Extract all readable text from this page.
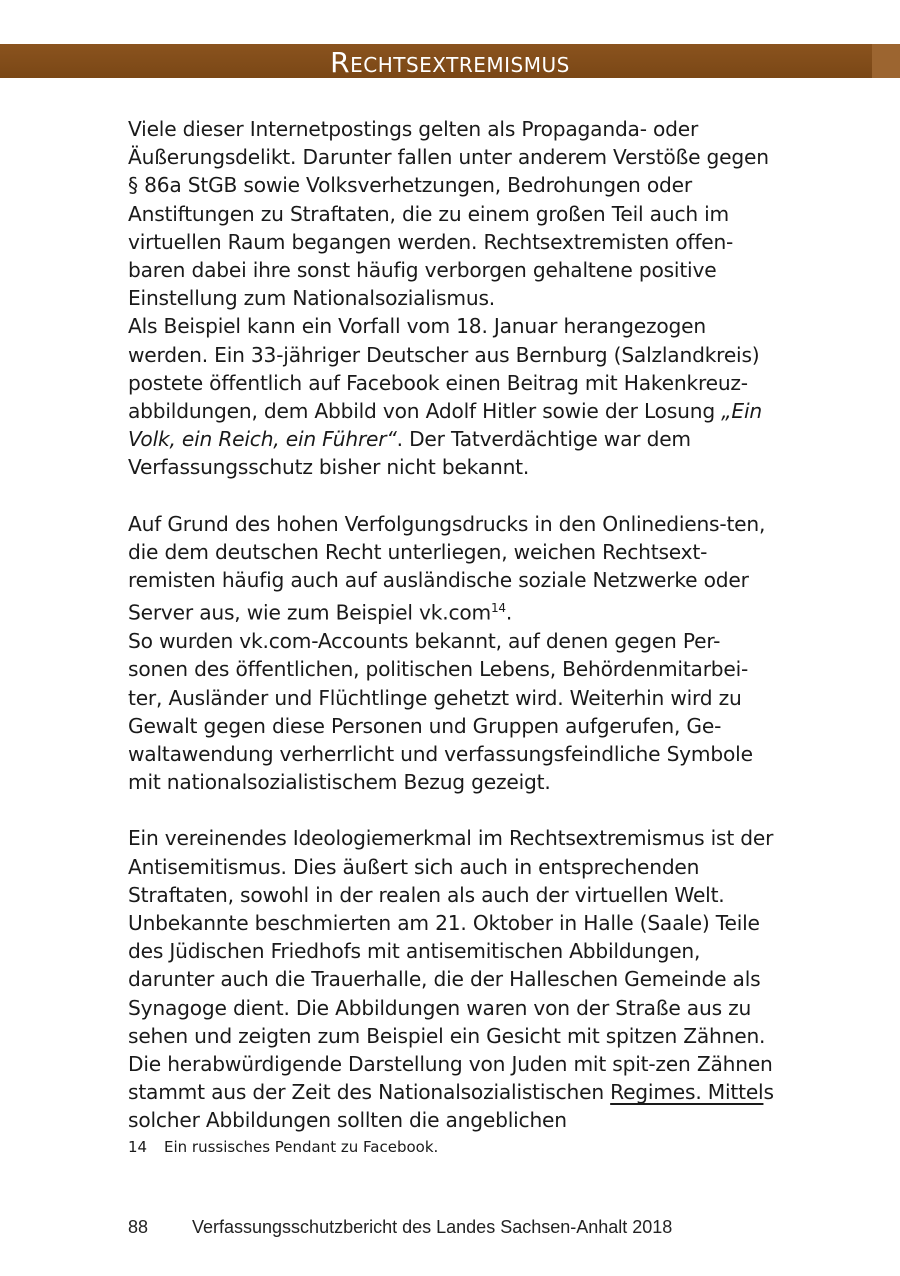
Rechtsextremismus

Viele dieser Internetpostings gelten als Propaganda- oder Äußerungsdelikt. Darunter fallen unter anderem Verstöße gegen § 86a StGB sowie Volksverhetzungen, Bedrohungen oder Anstiftungen zu Straftaten, die zu einem großen Teil auch im virtuellen Raum begangen werden. Rechtsextremisten offen-baren dabei ihre sonst häufig verborgen gehaltene positive Einstellung zum Nationalsozialismus.

Als Beispiel kann ein Vorfall vom 18. Januar herangezogen werden. Ein 33-jähriger Deutscher aus Bernburg (Salzlandkreis) postete öffentlich auf Facebook einen Beitrag mit Hakenkreuz-abbildungen, dem Abbild von Adolf Hitler sowie der Losung „Ein Volk, ein Reich, ein Führer“. Der Tatverdächtige war dem Verfassungsschutz bisher nicht bekannt.

Auf Grund des hohen Verfolgungsdrucks in den Onlinediens-ten, die dem deutschen Recht unterliegen, weichen Rechtsext-remisten häufig auch auf ausländische soziale Netzwerke oder Server aus, wie zum Beispiel vk.com$^{14}$.

So wurden vk.com-Accounts bekannt, auf denen gegen Per-sonen des öffentlichen, politischen Lebens, Behördenmitarbei-ter, Ausländer und Flüchtlinge gehetzt wird. Weiterhin wird zu Gewalt gegen diese Personen und Gruppen aufgerufen, Ge-waltawendung verherrlicht und verfassungsfeindliche Symbole mit nationalsozialistischem Bezug gezeigt.

Ein vereinendes Ideologiemerkmal im Rechtsextremismus ist der Antisemitismus. Dies äußert sich auch in entsprechenden Straftaten, sowohl in der realen als auch der virtuellen Welt. Unbekannte beschmierten am 21. Oktober in Halle (Saale) Teile des Jüdischen Friedhofs mit antisemitischen Abbildungen, darunter auch die Trauerhalle, die der Halleschen Gemeinde als Synagoge dient. Die Abbildungen waren von der Straße aus zu sehen und zeigten zum Beispiel ein Gesicht mit spitzen Zähnen. Die herabwürdigende Darstellung von Juden mit spit-zen Zähnen stammt aus der Zeit des Nationalsozialistischen Regimes. Mittels solcher Abbildungen sollten die angeblichen

14 Ein russisches Pendant zu Facebook.
88 Verfassungsschutzbericht des Landes Sachsen-Anhalt 2018
